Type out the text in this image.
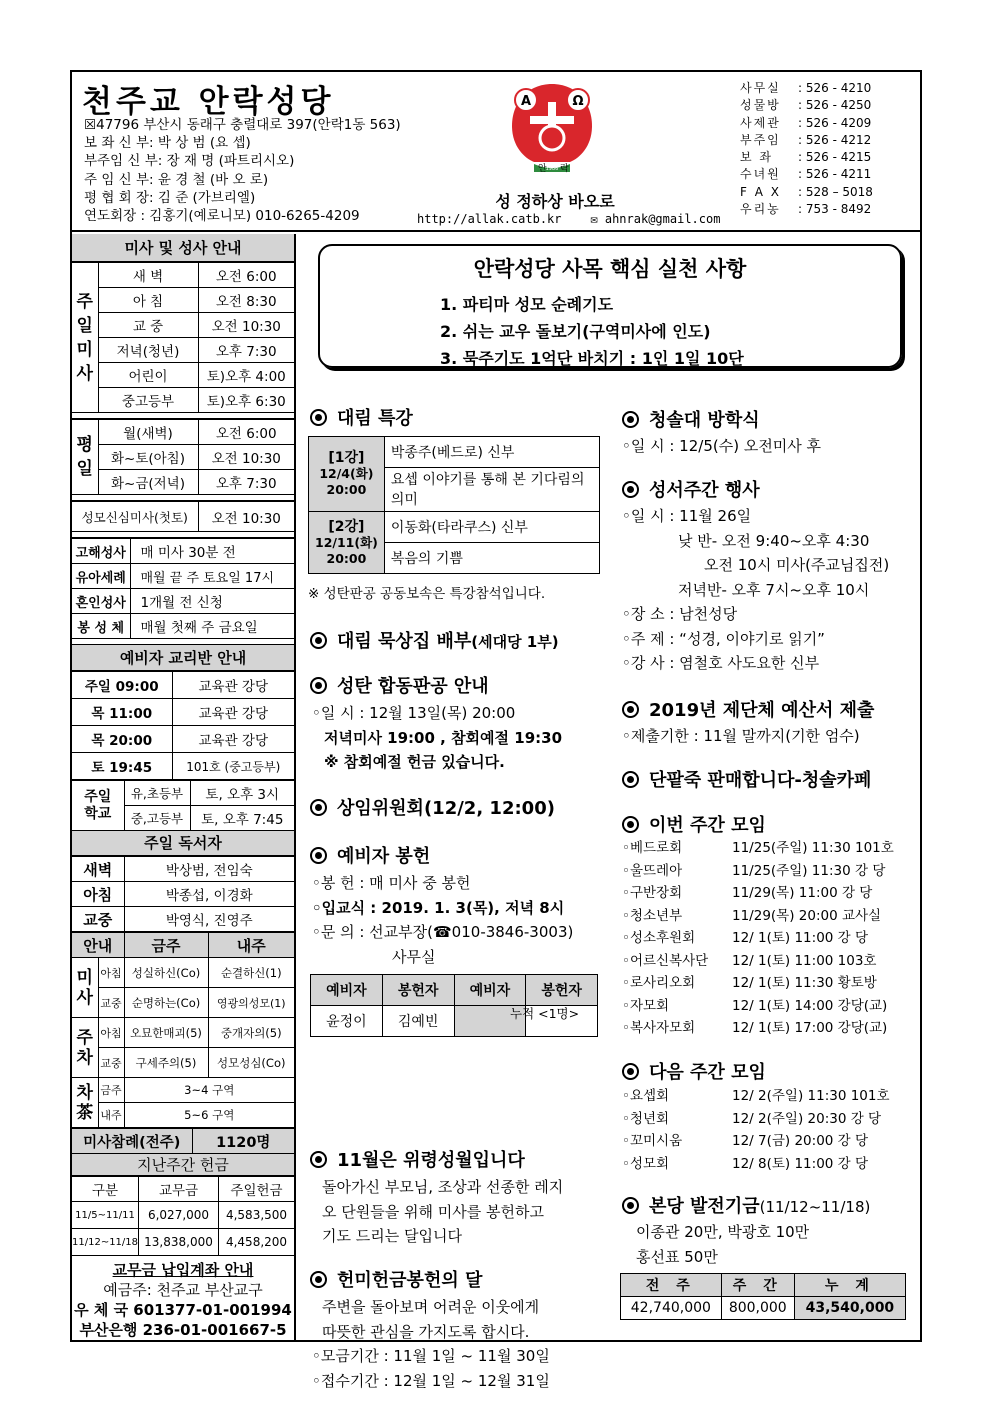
천주교 안락성당
☒47796 부산시 동래구 충렬대로 397(안락1동 563)
보 좌 신 부: 박 상 범 (요 셉)
부주임 신 부: 장 재 명 (파트리시오)
주 임 신 부: 윤 경 철 (바 오 로)
평 협 회 장: 김 준 (가브리엘)
연도회장 : 김홍기(예로니모) 010-6265-4209
A	Ω
안 락
1986
성 정하상 바오로
http://allak.catb.kr ✉ ahnrak@gmail.com
사무실 : 526 - 4210
성물방 : 526 - 4250
사제관 : 526 - 4209
부주임 : 526 - 4212
보 좌 : 526 - 4215
수녀원 : 526 - 4211
F A X : 528 – 5018
우리농 : 753 - 8492
미사 및 성사 안내
주
일
미
사	새 벽	오전 6:00
	아 침	오전 8:30
	교 중	오전 10:30
	저녁(청년)	오후 7:30
	어린이	토)오후 4:00
	중고등부	토)오후 6:30
평
일	월(새벽)	오전 6:00
	화~토(아침)	오전 10:30
	화~금(저녁)	오후 7:30
성모신심미사(첫토)	오전 10:30
고해성사	매 미사 30분 전
유아세례	매월 끝 주 토요일 17시
혼인성사	1개월 전 신청
봉 성 체	매월 첫째 주 금요일
예비자 교리반 안내
주일 09:00	교육관 강당
목 11:00	교육관 강당
목 20:00	교육관 강당
토 19:45	101호 (중고등부)
주일학교	유,초등부	토, 오후 3시
	중,고등부	토, 오후 7:45
주일 독서자
새벽	박상범, 전임숙
아침	박종섭, 이경화
교중	박영식, 진영주
안내		금주	내주
미
사	아침	성실하신(Co)	순결하신(1)
	교중	순명하는(Co)	영광의성모(1)
주
차	아침	오묘한매괴(5)	중개자의(5)
	교중	구세주의(5)	성모성심(Co)
차
茶	금주	3~4 구역	
	내주	5~6 구역	
미사참례(전주)	1120명
지난주간 헌금
구분	교무금	주일헌금
11/5~11/11	6,027,000	4,583,500
11/12~11/18	13,838,000	4,458,200
교무금 납입계좌 안내
예금주: 천주교 부산교구
우 체 국 601377-01-001994
부산은행 236-01-001667-5
안락성당 사목 핵심 실천 사항
1. 파티마 성모 순례기도
2. 쉬는 교우 돌보기(구역미사에 인도)
3. 묵주기도 1억단 바치기 : 1인 1일 10단
대림 특강
[1강]
12/4(화)
20:00	박종주(베드로) 신부
	요셉 이야기를 통해 본 기다림의 의미
[2강]
12/11(화)
20:00	이동화(타라쿠스) 신부
	복음의 기쁨
※ 성탄판공 공동보속은 특강참석입니다.
대림 묵상집 배부(세대당 1부)
성탄 합동판공 안내
◦일 시 : 12월 13일(목) 20:00
저녁미사 19:00 , 참회예절 19:30
※ 참회예절 헌금 있습니다.
상임위원회(12/2, 12:00)
예비자 봉헌
◦봉 헌 : 매 미사 중 봉헌
◦입교식 : 2019. 1. 3(목), 저녁 8시
◦문 의 : 선교부장(☎010-3846-3003)
사무실
예비자	봉헌자	예비자	봉헌자
윤정이	김예빈		
누적 <1명>
11월은 위령성월입니다
돌아가신 부모님, 조상과 선종한 레지
오 단원들을 위해 미사를 봉헌하고
기도 드리는 달입니다
헌미헌금봉헌의 달
주변을 돌아보며 어려운 이웃에게
따뜻한 관심을 가지도록 합시다.
◦모금기간 : 11월 1일 ~ 11월 30일
◦접수기간 : 12월 1일 ~ 12월 31일
청솔대 방학식
◦일 시 : 12/5(수) 오전미사 후
성서주간 행사
◦일 시 : 11월 26일
낮 반- 오전 9:40~오후 4:30
오전 10시 미사(주교님집전)
저녁반- 오후 7시~오후 10시
◦장 소 : 남천성당
◦주 제 : “성경, 이야기로 읽기”
◦강 사 : 염철호 사도요한 신부
2019년 제단체 예산서 제출
◦제출기한 : 11월 말까지(기한 엄수)
단팥죽 판매합니다-청솔카페
이번 주간 모임
◦베드로회	11/25(주일) 11:30 101호
◦울뜨레아	11/25(주일) 11:30 강 당
◦구반장회	11/29(목) 11:00 강 당
◦청소년부	11/29(목) 20:00 교사실
◦성소후원회	12/ 1(토) 11:00 강 당
◦어르신복사단 12/ 1(토) 11:00 103호
◦로사리오회	12/ 1(토) 11:30 황토방
◦자모회	12/ 1(토) 14:00 강당(교)
◦복사자모회	12/ 1(토) 17:00 강당(교)
다음 주간 모임
◦요셉회	12/ 2(주일) 11:30 101호
◦청년회	12/ 2(주일) 20:30 강 당
◦꼬미시움	12/ 7(금) 20:00 강 당
◦성모회	12/ 8(토) 11:00 강 당
본당 발전기금(11/12~11/18)
이종관 20만, 박광호 10만
홍선표 50만
전 주	주 간	누 계
42,740,000	800,000	43,540,000
